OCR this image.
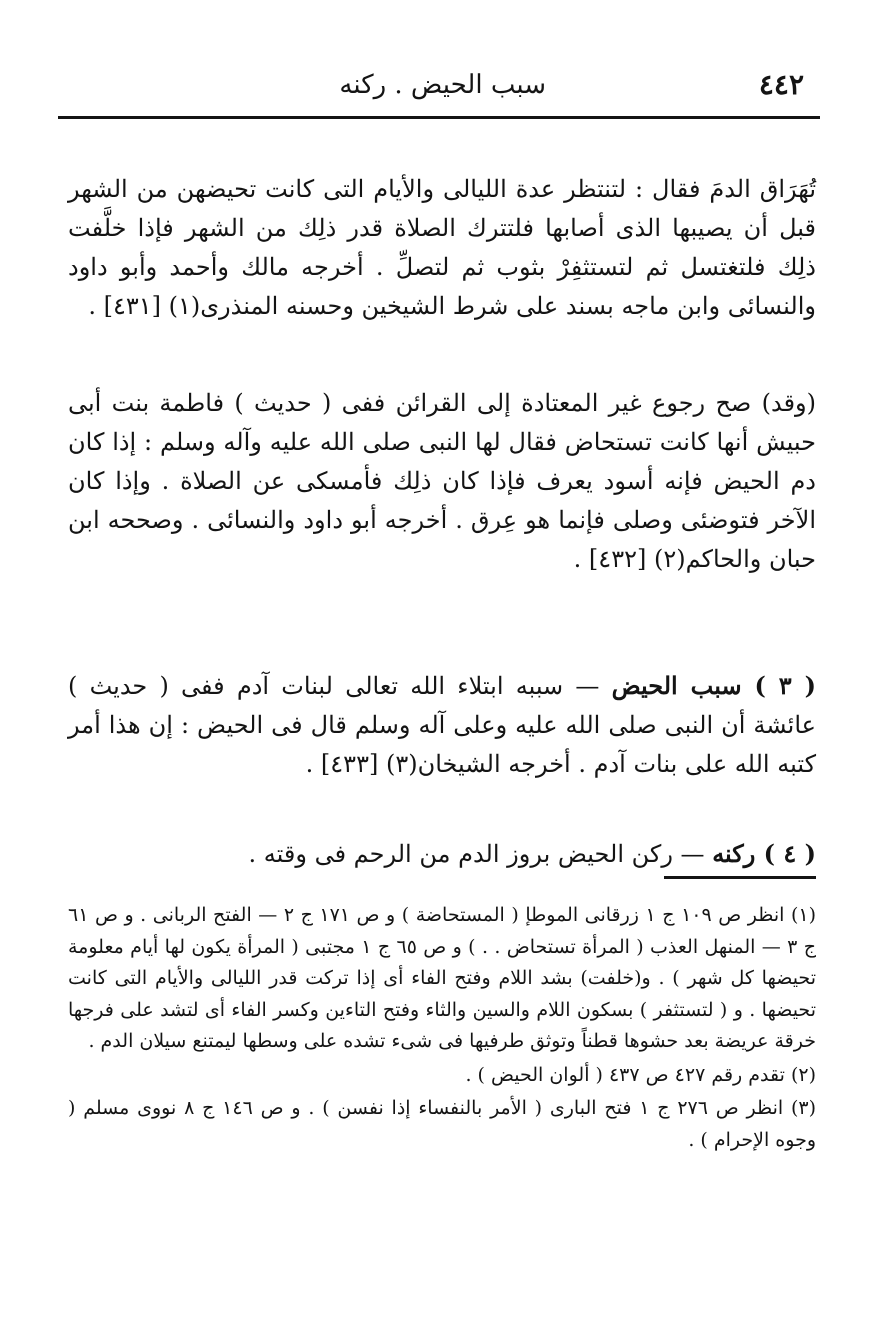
٤٤٢
سبب الحيض . ركنه

تُهَرَاق الدمَ فقال : لتنتظر عدة الليالى والأيام التى كانت تحيضهن من الشهر قبل أن يصيبها الذى أصابها فلتترك الصلاة قدر ذلِك من الشهر فإذا خلَّفت ذلِك فلتغتسل ثم لتستثفِرْ بثوب ثم لتصلِّ . أخرجه مالك وأحمد وأبو داود والنسائى وابن ماجه بسند على شرط الشيخين وحسنه المنذرى(١) [٤٣١] .

(وقد) صح رجوع غير المعتادة إلى القرائن ففى ( حديث ) فاطمة بنت أبى حبيش أنها كانت تستحاض فقال لها النبى صلى الله عليه وآله وسلم : إذا كان دم الحيض فإنه أسود يعرف فإذا كان ذلِك فأمسكى عن الصلاة . وإذا كان الآخر فتوضئى وصلى فإنما هو عِرق . أخرجه أبو داود والنسائى . وصححه ابن حبان والحاكم(٢) [٤٣٢] .

( ٣ ) سبب الحيض — سببه ابتلاء الله تعالى لبنات آدم ففى ( حديث ) عائشة أن النبى صلى الله عليه وعلى آله وسلم قال فى الحيض : إن هذا أمر كتبه الله على بنات آدم . أخرجه الشيخان(٣) [٤٣٣] .

( ٤ ) ركنه — ركن الحيض بروز الدم من الرحم فى وقته .

(١) انظر ص ١٠٩ ج ١ زرقانى الموطإ ( المستحاضة ) و ص ١٧١ ج ٢ — الفتح الربانى . و ص ٦١ ج ٣ — المنهل العذب ( المرأة تستحاض . . ) و ص ٦٥ ج ١ مجتبى ( المرأة يكون لها أيام معلومة تحيضها كل شهر ) . و(خلفت) بشد اللام وفتح الفاء أى إذا تركت قدر الليالى والأيام التى كانت تحيضها . و ( لتستثفر ) بسكون اللام والسين والثاء وفتح التاءين وكسر الفاء أى لتشد على فرجها خرقة عريضة بعد حشوها قطناً وتوثق طرفيها فى شىء تشده على وسطها ليمتنع سيلان الدم .

(٢) تقدم رقم ٤٢٧ ص ٤٣٧ ( ألوان الحيض ) .

(٣) انظر ص ٢٧٦ ج ١ فتح البارى ( الأمر بالنفساء إذا نفسن ) . و ص ١٤٦ ج ٨ نووى مسلم ( وجوه الإحرام ) .
